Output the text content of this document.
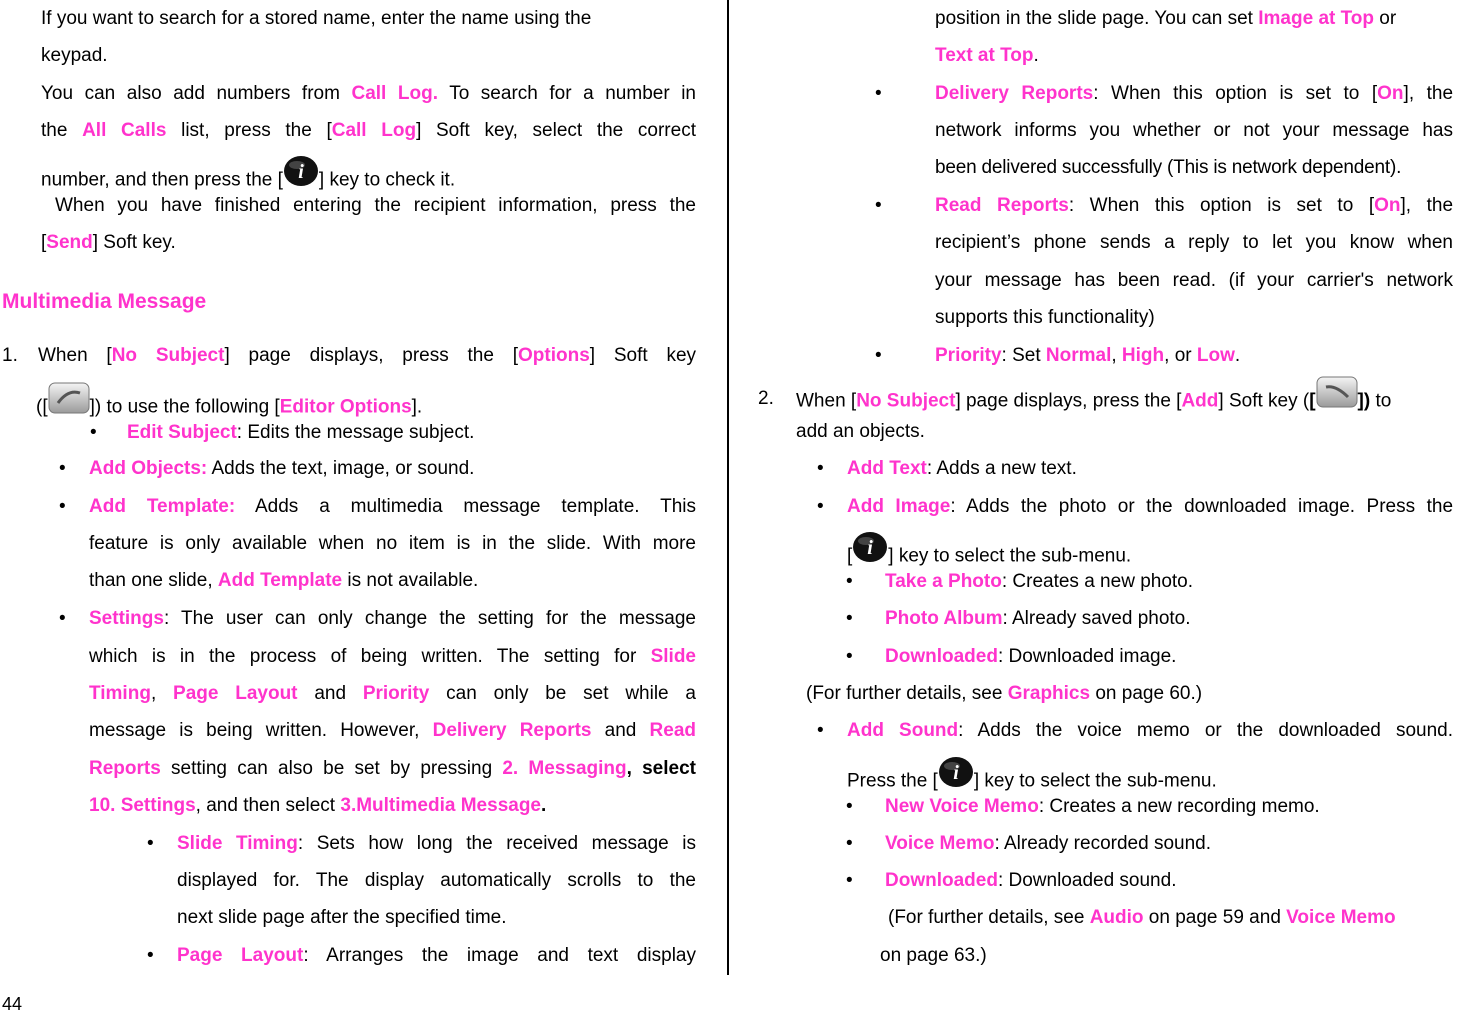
If you want to search for a stored name, enter the name using the
keypad.
You can also add numbers from Call Log. To search for a number in
the All Calls list, press the [Call Log] Soft key, select the correct
number, and then press the [ i ] key to check it.
When you have finished entering the recipient information, press the
[Send] Soft key.
Multimedia Message
1. When [No Subject] page displays, press the [Options] Soft key
([ ]) to use the following [Editor Options].
• Edit Subject: Edits the message subject.
• Add Objects: Adds the text, image, or sound.
• Add Template: Adds a multimedia message template. This
feature is only available when no item is in the slide. With more
than one slide, Add Template is not available.
• Settings: The user can only change the setting for the message
which is in the process of being written. The setting for Slide
Timing, Page Layout and Priority can only be set while a
message is being written. However, Delivery Reports and Read
Reports setting can also be set by pressing 2. Messaging, select
10. Settings, and then select 3.Multimedia Message.
• Slide Timing: Sets how long the received message is
displayed for. The display automatically scrolls to the
next slide page after the specified time.
• Page Layout: Arranges the image and text display
position in the slide page. You can set Image at Top or
Text at Top.
•	Delivery Reports: When this option is set to [On], the
network informs you whether or not your message has
been delivered successfully (This is network dependent).
•	Read Reports: When this option is set to [On], the
recipient’s phone sends a reply to let you know when
your message has been read. (if your carrier's network
supports this functionality)
•	Priority: Set Normal, High, or Low.
2. When [No Subject] page displays, press the [Add] Soft key ([ ]) to
add an objects.
• Add Text: Adds a new text.
• Add Image: Adds the photo or the downloaded image. Press the
[ i ] key to select the sub-menu.
• Take a Photo: Creates a new photo.
• Photo Album: Already saved photo.
• Downloaded: Downloaded image.
(For further details, see Graphics on page 60.)
• Add Sound: Adds the voice memo or the downloaded sound.
Press the [ i ] key to select the sub-menu.
• New Voice Memo: Creates a new recording memo.
• Voice Memo: Already recorded sound.
• Downloaded: Downloaded sound.
(For further details, see Audio on page 59 and Voice Memo
on page 63.)
44
